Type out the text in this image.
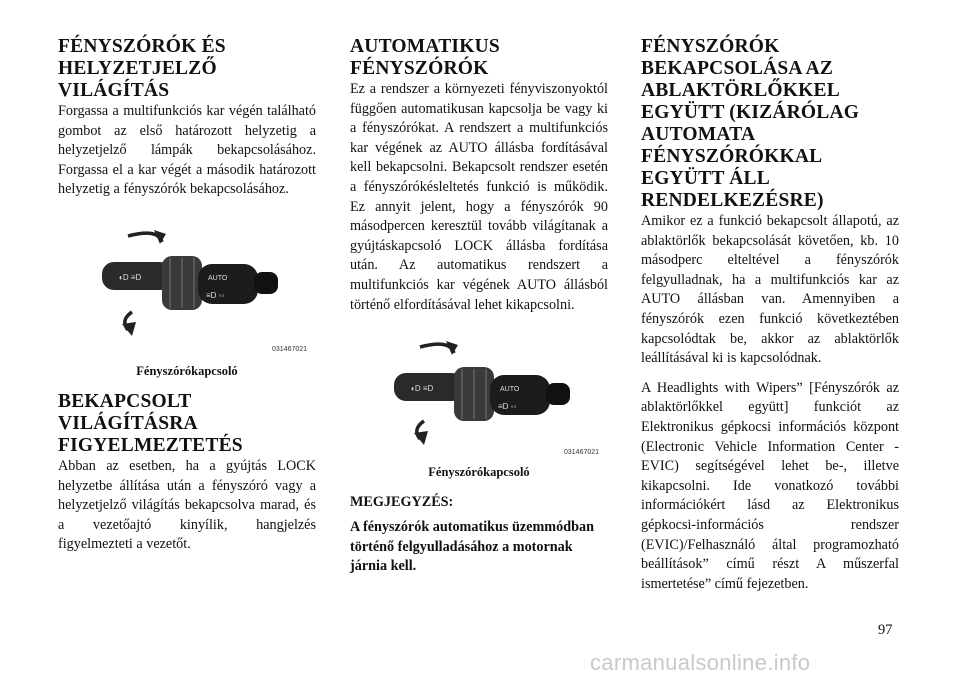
FÉNYSZÓRÓK ÉS HELYZETJELZŐ VILÁGÍTÁS

Forgassa a multifunkciós kar végén található gombot az első határozott helyzetig a helyzetjelző lámpák bekapcsolásához. Forgassa el a kar végét a második határozott helyzetig a fényszórók bekapcsolásához.

◖D ≡D	AUTO
≡D ◦◦
031467021
Fényszórókapcsoló
BEKAPCSOLT VILÁGÍTÁSRA FIGYELMEZTETÉS

Abban az esetben, ha a gyújtás LOCK helyzetbe állítása után a fényszóró vagy a helyzetjelző világítás bekapcsolva marad, és a vezetőajtó kinyílik, hangjelzés figyelmezteti a vezetőt.

AUTOMATIKUS FÉNYSZÓRÓK

Ez a rendszer a környezeti fényviszonyoktól függően automatikusan kapcsolja be vagy ki a fényszórókat. A rendszert a multifunkciós kar végének az AUTO állásba fordításával kell bekapcsolni. Bekapcsolt rendszer esetén a fényszórókésleltetés funkció is működik. Ez annyit jelent, hogy a fényszórók 90 másodpercen keresztül tovább világítanak a gyújtáskapcsoló LOCK állásba fordítása után. Az automatikus rendszert a multifunkciós kar végének AUTO állásból történő elfordításával lehet kikapcsolni.

◖D ≡D	AUTO
≡D ◦◦
031467021
Fényszórókapcsoló
MEGJEGYZÉS:
A fényszórók automatikus üzemmódban történő felgyulladásához a motornak járnia kell.
FÉNYSZÓRÓK BEKAPCSOLÁSA AZ ABLAKTÖRLŐKKEL EGYÜTT (KIZÁRÓLAG AUTOMATA FÉNYSZÓRÓKKAL EGYÜTT ÁLL RENDELKEZÉSRE)

Amikor ez a funkció bekapcsolt állapotú, az ablaktörlők bekapcsolását követően, kb. 10 másodperc elteltével a fényszórók felgyulladnak, ha a multifunkciós kar az AUTO állásban van. Amennyiben a fényszórók ezen funkció következtében kapcsolódtak be, akkor az ablaktörlők leállításával ki is kapcsolódnak.

A Headlights with Wipers” [Fényszórók az ablaktörlőkkel együtt] funkciót az Elektronikus gépkocsi információs központ (Electronic Vehicle Information Center - EVIC) segítségével lehet be-, illetve kikapcsolni. Ide vonatkozó további információkért lásd az Elektronikus gépkocsi-információs rendszer (EVIC)/Felhasználó által programozható beállítások” című részt A műszerfal ismertetése” című fejezetben.

97
carmanualsonline.info
